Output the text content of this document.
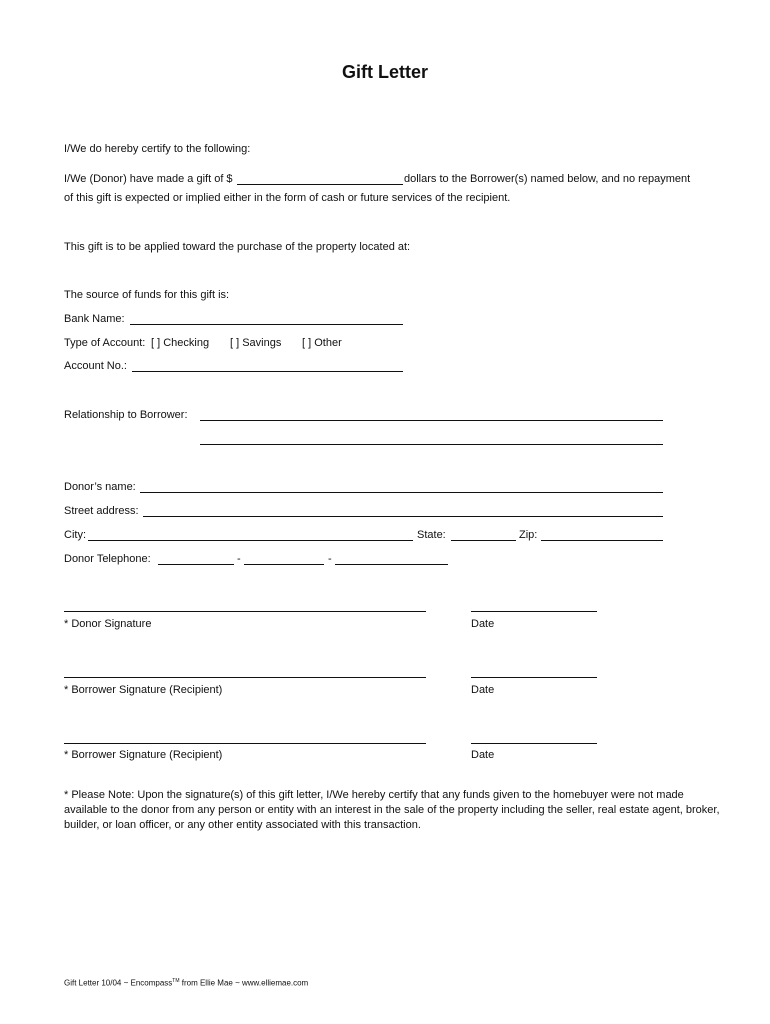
Gift Letter
I/We do hereby certify to the following:
I/We (Donor) have made a gift of $	dollars to the Borrower(s) named below, and no repayment
of this gift is expected or implied either in the form of cash or future services of the recipient.
This gift is to be applied toward the purchase of the property located at:
The source of funds for this gift is:
Bank Name:
Type of Account: [ ] Checking [ ] Savings [ ] Other
Account No.:
Relationship to Borrower:
Donor’s name:
Street address:
City:	State:	Zip:
Donor Telephone:	-	-
* Donor Signature	Date
* Borrower Signature (Recipient)	Date
* Borrower Signature (Recipient)	Date
* Please Note: Upon the signature(s) of this gift letter, I/We hereby certify that any funds given to the homebuyer were not made available to the donor from any person or entity with an interest in the sale of the property including the seller, real estate agent, broker, builder, or loan officer, or any other entity associated with this transaction.
Gift Letter 10/04 ~ Encompass™ from Ellie Mae ~ www.elliemae.com
